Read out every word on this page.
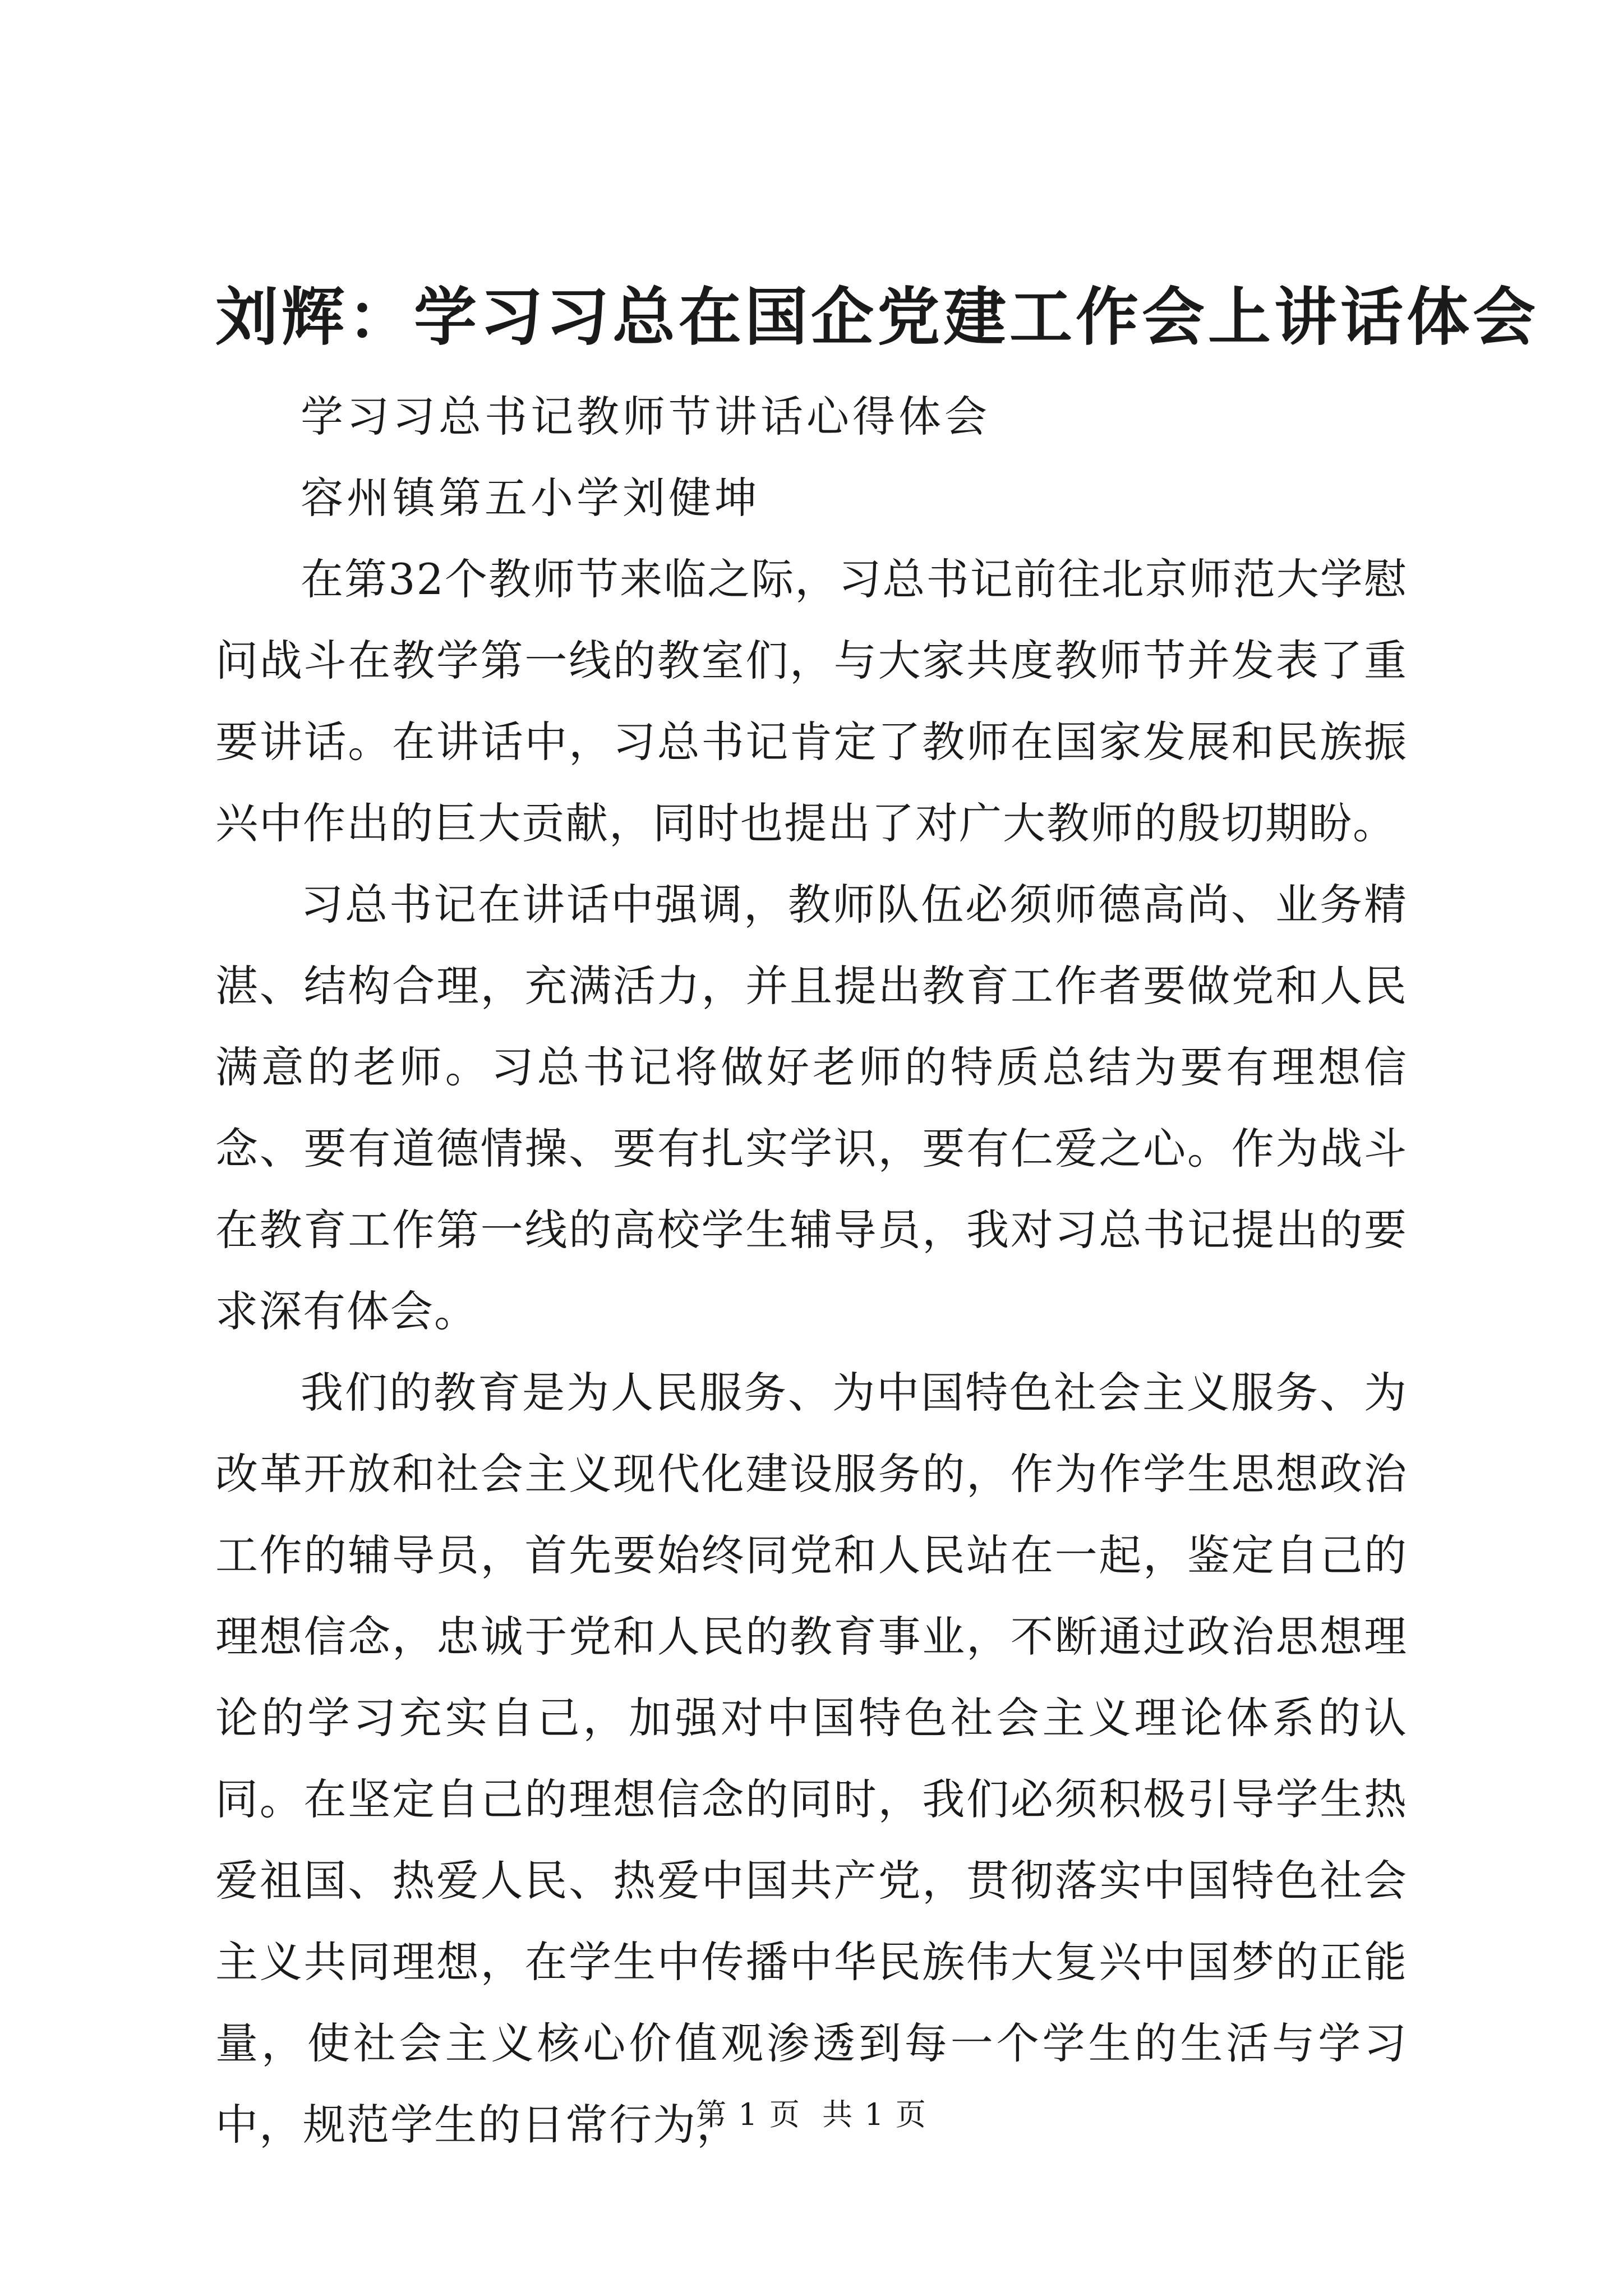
刘辉：学习习总在国企党建工作会上讲话体会

学习习总书记教师节讲话心得体会

容州镇第五小学刘健坤

在第32个教师节来临之际，习总书记前往北京师范大学慰问战斗在教学第一线的教室们，与大家共度教师节并发表了重要讲话。在讲话中，习总书记肯定了教师在国家发展和民族振兴中作出的巨大贡献，同时也提出了对广大教师的殷切期盼。

习总书记在讲话中强调，教师队伍必须师德高尚、业务精湛、结构合理，充满活力，并且提出教育工作者要做党和人民满意的老师。习总书记将做好老师的特质总结为要有理想信念、要有道德情操、要有扎实学识，要有仁爱之心。作为战斗在教育工作第一线的高校学生辅导员，我对习总书记提出的要求深有体会。

我们的教育是为人民服务、为中国特色社会主义服务、为改革开放和社会主义现代化建设服务的，作为作学生思想政治工作的辅导员，首先要始终同党和人民站在一起，鉴定自己的理想信念，忠诚于党和人民的教育事业，不断通过政治思想理论的学习充实自己，加强对中国特色社会主义理论体系的认同。在坚定自己的理想信念的同时，我们必须积极引导学生热爱祖国、热爱人民、热爱中国共产党，贯彻落实中国特色社会主义共同理想，在学生中传播中华民族伟大复兴中国梦的正能量，使社会主义核心价值观渗透到每一个学生的生活与学习中，规范学生的日常行为，

第 1 页  共 1 页
